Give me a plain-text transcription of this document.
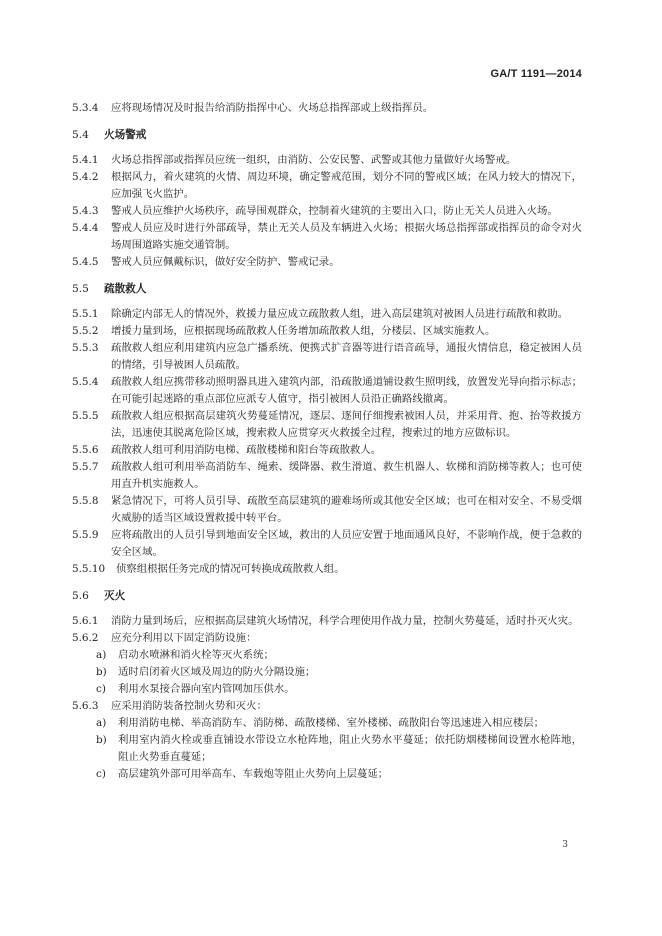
GA/T 1191—2014

5.3.4	应将现场情况及时报告给消防指挥中心、火场总指挥部或上级指挥员。

5.4 火场警戒

5.4.1	火场总指挥部或指挥员应统一组织，由消防、公安民警、武警或其他力量做好火场警戒。

5.4.2	根据风力，着火建筑的火情、周边环境，确定警戒范围，划分不同的警戒区域；在风力较大的情况下，应加强飞火监护。

5.4.3	警戒人员应维护火场秩序，疏导围观群众，控制着火建筑的主要出入口，防止无关人员进入火场。

5.4.4	警戒人员应及时进行外部疏导，禁止无关人员及车辆进入火场；根据火场总指挥部或指挥员的命令对火场周围道路实施交通管制。

5.4.5	警戒人员应佩戴标识，做好安全防护、警戒记录。

5.5 疏散救人

5.5.1	除确定内部无人的情况外，救援力量应成立疏散救人组，进入高层建筑对被困人员进行疏散和救助。

5.5.2	增援力量到场，应根据现场疏散救人任务增加疏散救人组，分楼层、区域实施救人。

5.5.3	疏散救人组应利用建筑内应急广播系统、便携式扩音器等进行语音疏导，通报火情信息，稳定被困人员的情绪，引导被困人员疏散。

5.5.4	疏散救人组应携带移动照明器具进入建筑内部，沿疏散通道铺设救生照明线，放置发光导向指示标志；在可能引起迷路的重点部位应派专人值守，指引被困人员沿正确路线撤离。

5.5.5	疏散救人组应根据高层建筑火势蔓延情况，逐层、逐间仔细搜索被困人员，并采用背、抱、抬等救援方法，迅速使其脱离危险区域，搜索救人应贯穿灭火救援全过程，搜索过的地方应做标识。

5.5.6	疏散救人组可利用消防电梯、疏散楼梯和阳台等疏散救人。

5.5.7	疏散救人组可利用举高消防车、绳索、缓降器、救生滑道、救生机器人、软梯和消防梯等救人；也可使用直升机实施救人。

5.5.8	紧急情况下，可将人员引导、疏散至高层建筑的避难场所或其他安全区域；也可在相对安全、不易受烟火威胁的适当区域设置救援中转平台。

5.5.9	应将疏散出的人员引导到地面安全区域，救出的人员应安置于地面通风良好，不影响作战，便于急救的安全区域。

5.5.10	侦察组根据任务完成的情况可转换成疏散救人组。

5.6 灭火

5.6.1	消防力量到场后，应根据高层建筑火场情况，科学合理使用作战力量，控制火势蔓延，适时扑灭火灾。

5.6.2	应充分利用以下固定消防设施：

a) 启动水喷淋和消火栓等灭火系统；
b) 适时启闭着火区域及周边的防火分隔设施；
c) 利用水泵接合器向室内管网加压供水。

5.6.3	应采用消防装备控制火势和灭火：

a) 利用消防电梯、举高消防车、消防梯、疏散楼梯、室外楼梯、疏散阳台等迅速进入相应楼层；
b) 利用室内消火栓或垂直铺设水带设立水枪阵地，阻止火势水平蔓延；依托防烟楼梯间设置水枪阵地，阻止火势垂直蔓延；
c) 高层建筑外部可用举高车、车载炮等阻止火势向上层蔓延；
3
